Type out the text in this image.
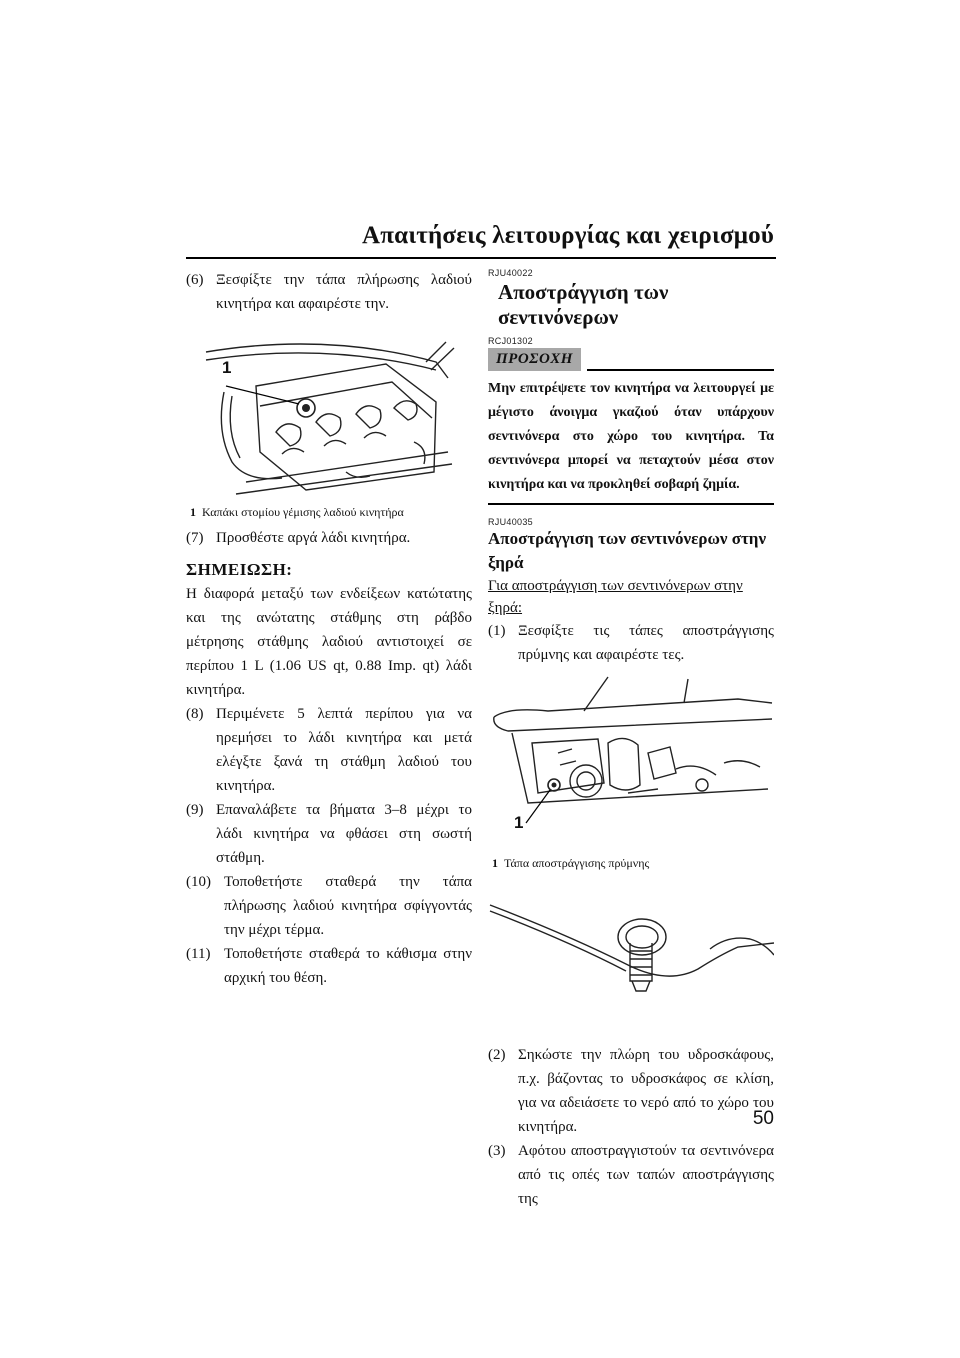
Απαιτήσεις λειτουργίας και χειρισμού
(6) Ξεσφίξτε την τάπα πλήρωσης λαδιού κινητήρα και αφαιρέστε την.
1
1 Καπάκι στομίου γέμισης λαδιού κινητήρα
(7) Προσθέστε αργά λάδι κινητήρα.
ΣΗΜΕΙΩΣΗ:
Η διαφορά μεταξύ των ενδείξεων κατώτατης και της ανώτατης στάθμης στη ράβδο μέτρησης στάθμης λαδιού αντιστοιχεί σε περίπου 1 L (1.06 US qt, 0.88 Imp. qt) λάδι κινητήρα.
(8) Περιμένετε 5 λεπτά περίπου για να ηρεμήσει το λάδι κινητήρα και μετά ελέγξτε ξανά τη στάθμη λαδιού του κινητήρα.
(9) Επαναλάβετε τα βήματα 3–8 μέχρι το λάδι κινητήρα να φθάσει στη σωστή στάθμη.
(10) Τοποθετήστε σταθερά την τάπα πλήρωσης λαδιού κινητήρα σφίγγοντάς την μέχρι τέρμα.
(11) Τοποθετήστε σταθερά το κάθισμα στην αρχική του θέση.
RJU40022
Αποστράγγιση των σεντινόνερων
RCJ01302
ΠΡΟΣΟΧΗ
Μην επιτρέψετε τον κινητήρα να λειτουργεί με μέγιστο άνοιγμα γκαζιού όταν υπάρχουν σεντινόνερα στο χώρο του κινητήρα. Τα σεντινόνερα μπορεί να πεταχτούν μέσα στον κινητήρα και να προκληθεί σοβαρή ζημία.
RJU40035
Αποστράγγιση των σεντινόνερων στην ξηρά
Για αποστράγγιση των σεντινόνερων στην ξηρά:
(1) Ξεσφίξτε τις τάπες αποστράγγισης πρύμνης και αφαιρέστε τες.
1
1 Τάπα αποστράγγισης πρύμνης
(2) Σηκώστε την πλώρη του υδροσκάφους, π.χ. βάζοντας το υδροσκάφος σε κλίση, για να αδειάσετε το νερό από το χώρο του κινητήρα.
(3) Αφότου αποστραγγιστούν τα σεντινόνερα από τις οπές των ταπών αποστράγγισης της
50
